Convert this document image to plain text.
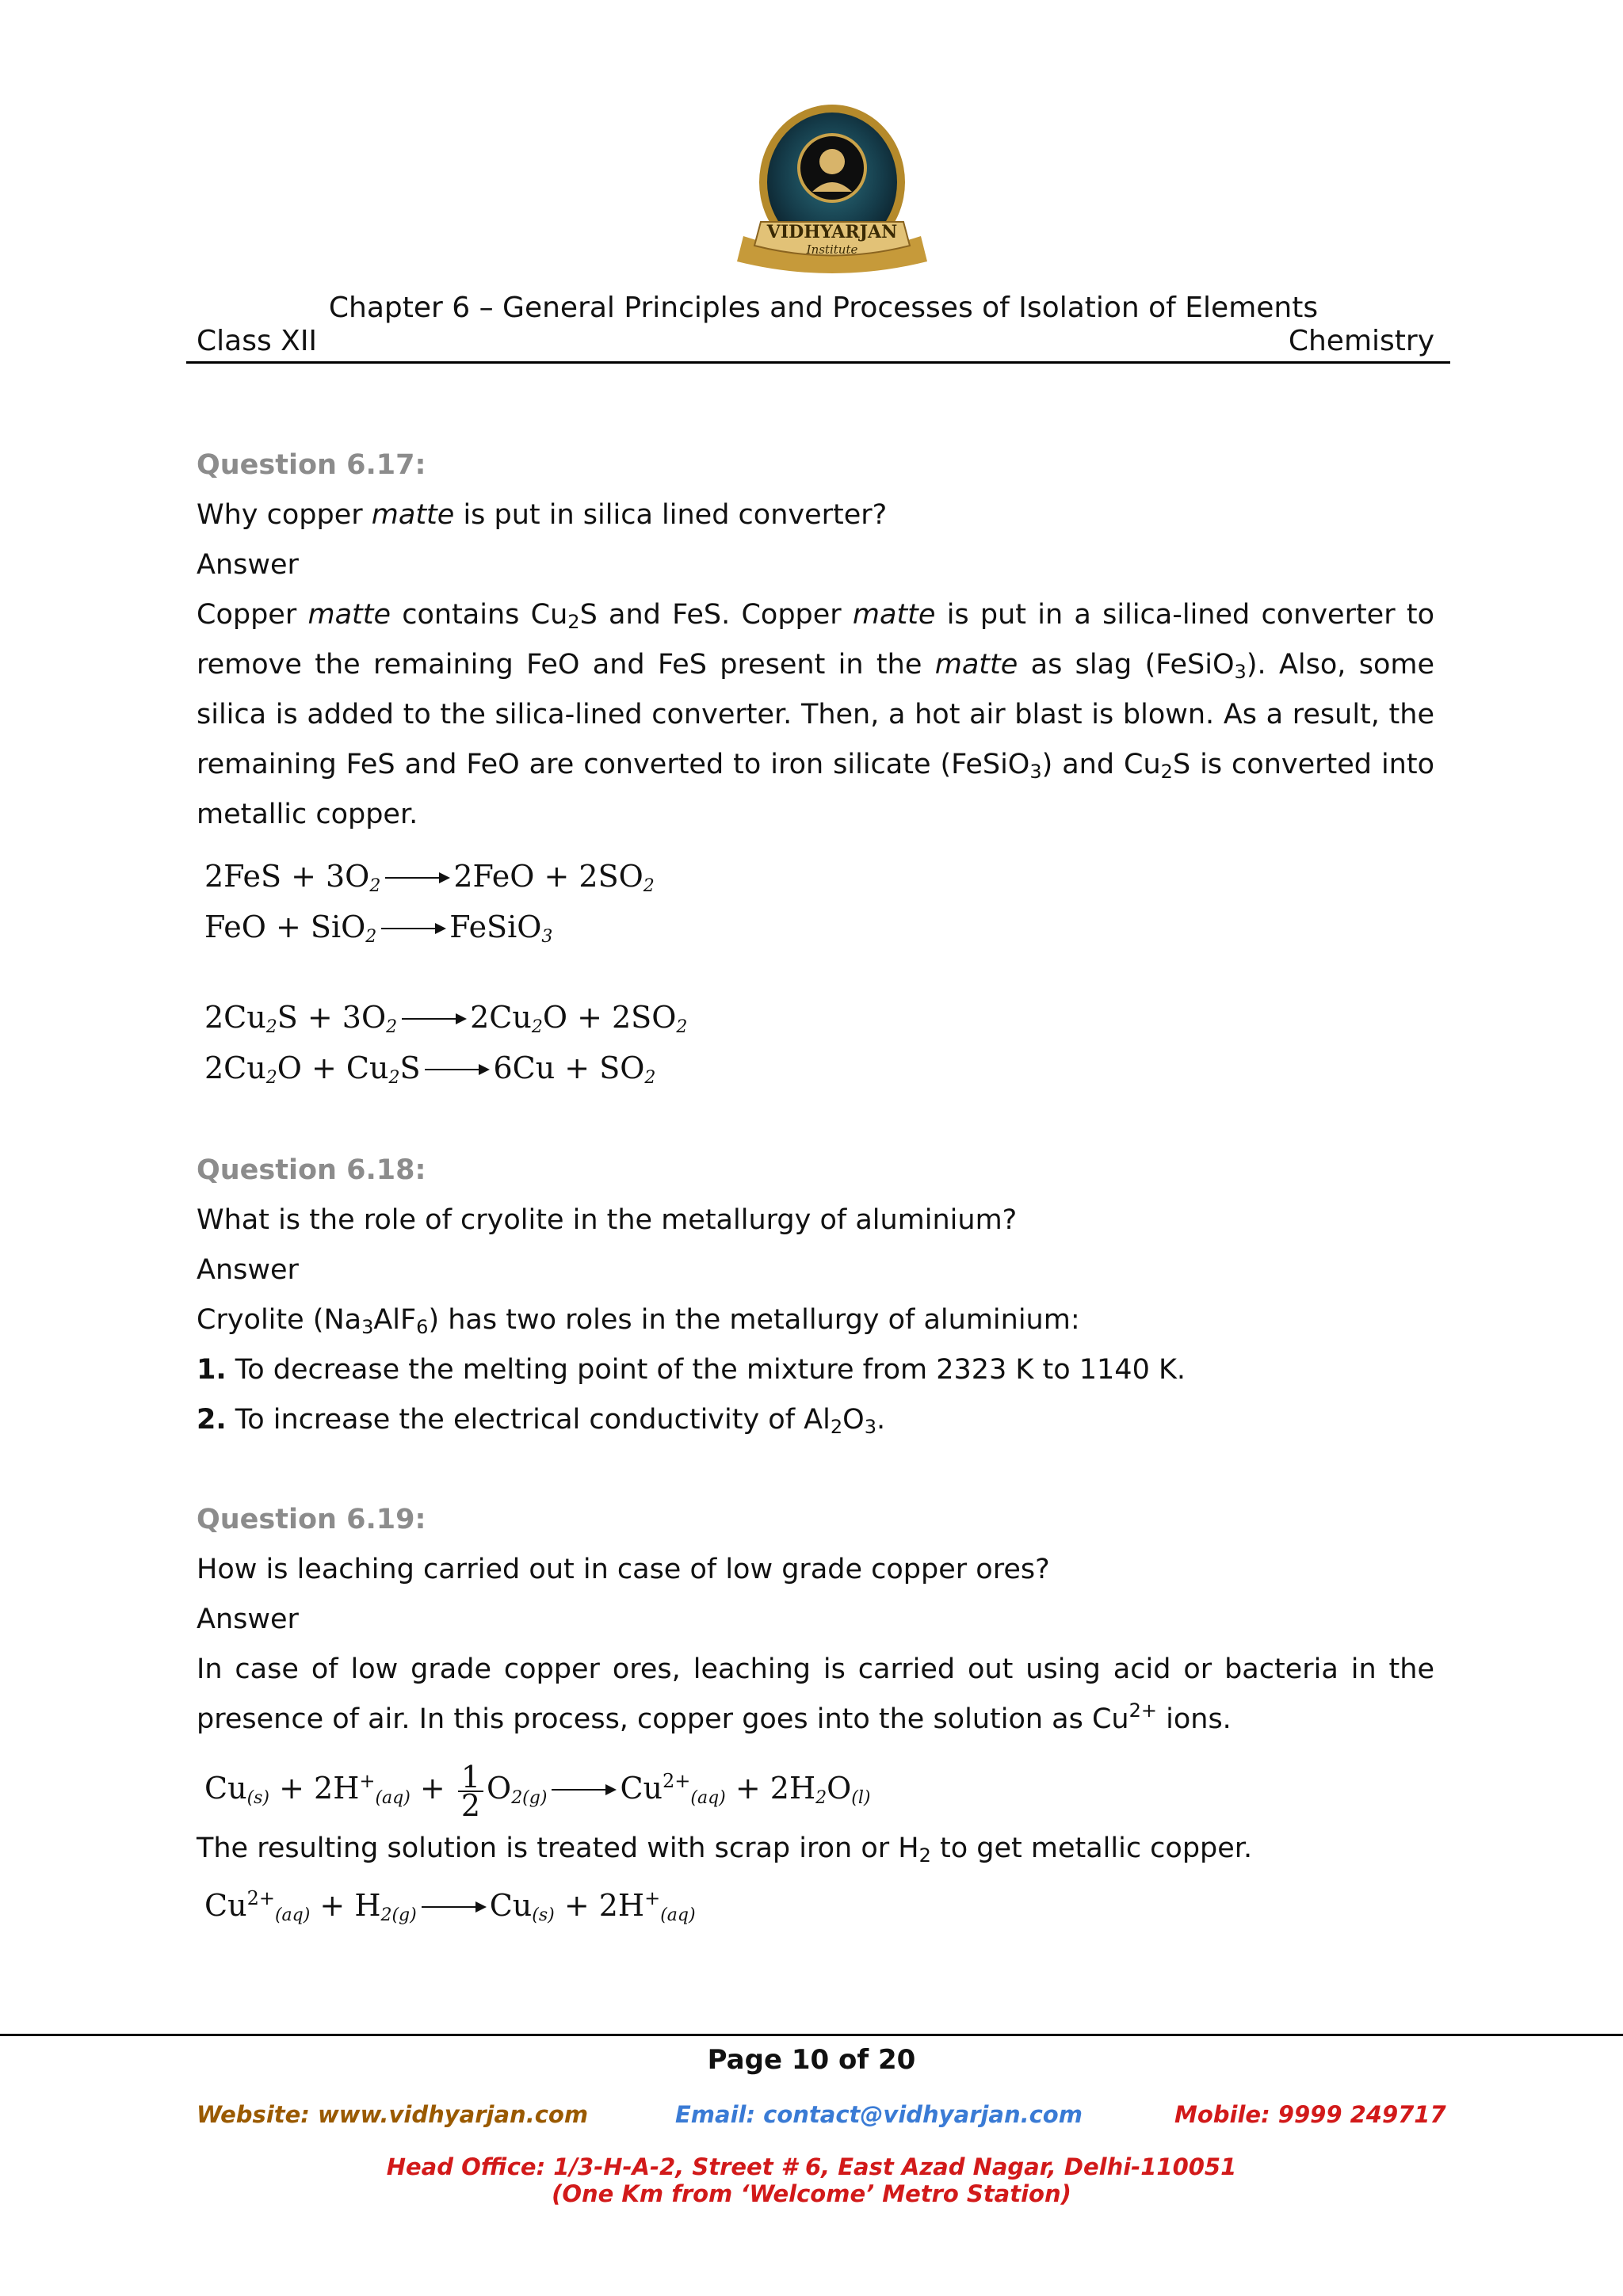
VIDHYARJAN
Institute
Chapter 6 – General Principles and Processes of Isolation of Elements
Class XII	Chemistry

Question 6.17:

Why copper matte is put in silica lined converter?

Answer

Copper matte contains $Cu_2S$ and FeS. Copper matte is put in a silica-lined converter to remove the remaining FeO and FeS present in the matte as slag (FeSiO$_3$). Also, some silica is added to the silica-lined converter. Then, a hot air blast is blown. As a result, the remaining FeS and FeO are converted to iron silicate (FeSiO$_3$) and $Cu_2S$ is converted into metallic copper.

$2FeS + 3O_2$ $2FeO + 2SO_2$
FeO + SiO$_2$ FeSiO$_3$
$2Cu_2S + 3O_2$ $2Cu_2O + 2SO_2$
$2Cu_2O + Cu_2S$ $6Cu + SO_2$

Question 6.18:

What is the role of cryolite in the metallurgy of aluminium?

Answer

Cryolite $(Na_3AlF_6)$ has two roles in the metallurgy of aluminium:

1. To decrease the melting point of the mixture from 2323 K to 1140 K.

2. To increase the electrical conductivity of $Al_2O_3$.

Question 6.19:

How is leaching carried out in case of low grade copper ores?

Answer

In case of low grade copper ores, leaching is carried out using acid or bacteria in the presence of air. In this process, copper goes into the solution as $Cu^{2+}$ ions.

$Cu_{(s)} + 2H^+_{(aq)} + \frac{1}{2} O_{2(g)}$ $Cu^{2+}_{(aq)} + 2H_2O_{(l)}$

The resulting solution is treated with scrap iron or $H_2$ to get metallic copper.

$Cu^{2+}_{(aq)} + H_{2(g)}$ $Cu_{(s)} + 2H^+_{(aq)}$
Page 10 of 20
Website: www.vidhyarjan.com	Email: contact@vidhyarjan.com	Mobile: 9999 249717
Head Office: 1/3-H-A-2, Street # 6, East Azad Nagar, Delhi-110051
(One Km from ‘Welcome’ Metro Station)
